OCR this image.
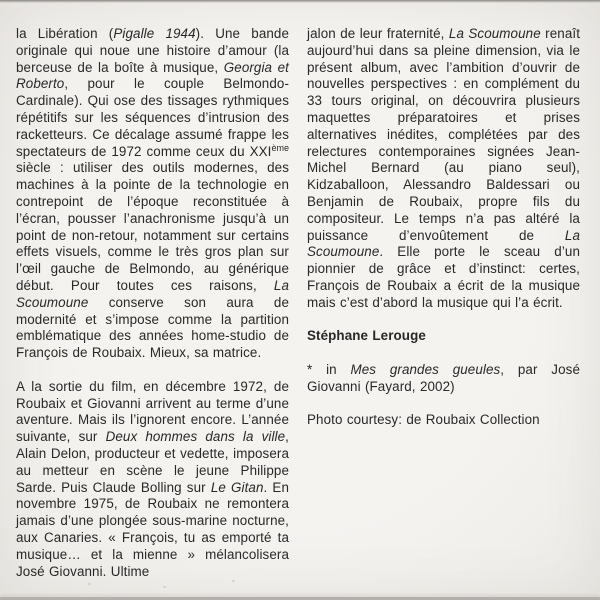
la Libération (Pigalle 1944). Une bande originale qui noue une histoire d’amour (la berceuse de la boîte à musique, Georgia et Roberto, pour le couple Belmondo-Cardinale). Qui ose des tissages rythmiques répétitifs sur les séquences d’intrusion des racketteurs. Ce décalage assumé frappe les spectateurs de 1972 comme ceux du XXIème siècle : utiliser des outils modernes, des machines à la pointe de la technologie en contrepoint de l’époque reconstituée à l’écran, pousser l’anachronisme jusqu’à un point de non-retour, notamment sur certains effets visuels, comme le très gros plan sur l’œil gauche de Belmondo, au générique début. Pour toutes ces raisons, La Scoumoune conserve son aura de modernité et s’impose comme la partition emblématique des années home-studio de François de Roubaix. Mieux, sa matrice.

A la sortie du film, en décembre 1972, de Roubaix et Giovanni arrivent au terme d’une aventure. Mais ils l’ignorent encore. L’année suivante, sur Deux hommes dans la ville, Alain Delon, producteur et vedette, imposera au metteur en scène le jeune Philippe Sarde. Puis Claude Bolling sur Le Gitan. En novembre 1975, de Roubaix ne remontera jamais d’une plongée sous-marine nocturne, aux Canaries. « François, tu as emporté ta musique… et la mienne » mélancolisera José Giovanni. Ultime

jalon de leur fraternité, La Scoumoune renaît aujourd’hui dans sa pleine dimension, via le présent album, avec l’ambition d’ouvrir de nouvelles perspectives : en complément du 33 tours original, on découvrira plusieurs maquettes préparatoires et prises alternatives inédites, complétées par des relectures contemporaines signées Jean-Michel Bernard (au piano seul), Kidzaballoon, Alessandro Baldessari ou Benjamin de Roubaix, propre fils du compositeur. Le temps n’a pas altéré la puissance d’envoûtement de La Scoumoune. Elle porte le sceau d’un pionnier de grâce et d’instinct: certes, François de Roubaix a écrit de la musique mais c’est d’abord la musique qui l’a écrit.

Stéphane Lerouge

* in Mes grandes gueules, par José Giovanni (Fayard, 2002)

Photo courtesy: de Roubaix Collection
